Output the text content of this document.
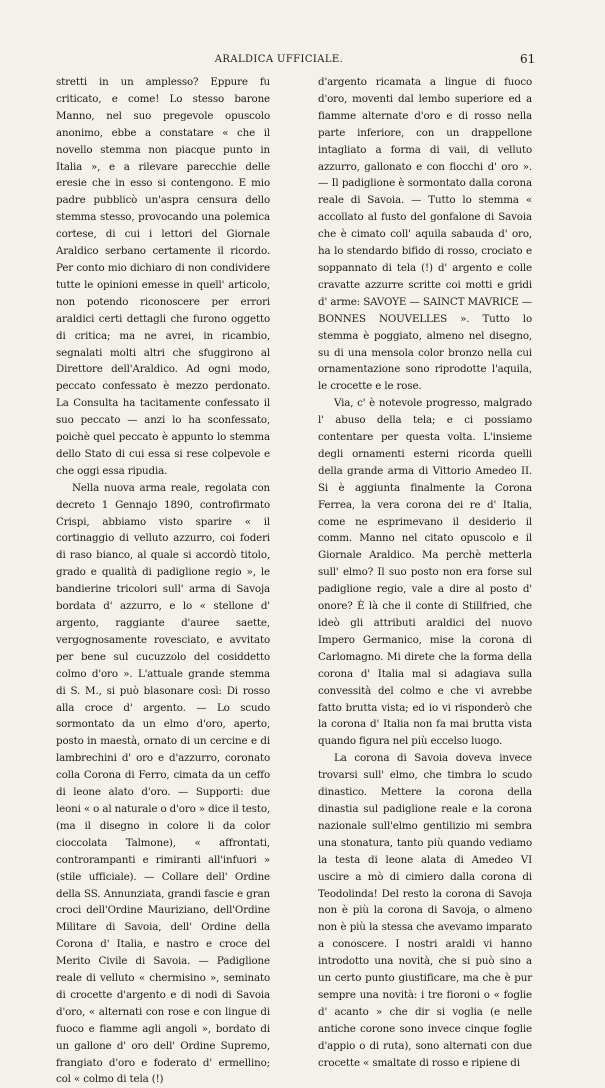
ARALDICA UFFICIALE.	61

stretti in un amplesso? Eppure fu criticato, e come! Lo stesso barone Manno, nel suo pregevole opuscolo anonimo, ebbe a constatare « che il novello stemma non piacque punto in Italia », e a rilevare parecchie delle eresie che in esso si contengono. E mio padre pubblicò un'aspra censura dello stemma stesso, provocando una polemica cortese, di cui i lettori del Giornale Araldico serbano certamente il ricordo. Per conto mio dichiaro di non condividere tutte le opinioni emesse in quell' articolo, non potendo riconoscere per errori araldici certi dettagli che furono oggetto di critica; ma ne avrei, in ricambio, segnalati molti altri che sfuggirono al Direttore dell'Araldico. Ad ogni modo, peccato confessato è mezzo perdonato. La Consulta ha tacitamente confessato il suo peccato — anzi lo ha sconfessato, poichè quel peccato è appunto lo stemma dello Stato di cui essa si rese colpevole e che oggi essa ripudia.

Nella nuova arma reale, regolata con decreto 1 Gennajo 1890, controfirmato Crispi, abbiamo visto sparire « il cortinaggio di velluto azzurro, coi foderi di raso bianco, al quale si accordò titolo, grado e qualità di padiglione regio », le bandierine tricolori sull' arma di Savoja bordata d' azzurro, e lo « stellone d' argento, raggiante d'auree saette, vergognosamente rovesciato, e avvitato per bene sul cucuzzolo del cosiddetto colmo d'oro ». L'attuale grande stemma di S. M., si può blasonare così: Di rosso alla croce d' argento. — Lo scudo sormontato da un elmo d'oro, aperto, posto in maestà, ornato di un cercine e di lambrechini d' oro e d'azzurro, coronato colla Corona di Ferro, cimata da un ceffo di leone alato d'oro. — Supporti: due leoni « o al naturale o d'oro » dice il testo, (ma il disegno in colore li da color cioccolata Talmone), « affrontati, controrampanti e rimiranti all'infuori » (stile ufficiale). — Collare dell' Ordine della SS. Annunziata, grandi fascie e gran croci dell'Ordine Mauriziano, dell'Ordine Militare di Savoia, dell' Ordine della Corona d' Italia, e nastro e croce del Merito Civile di Savoia. — Padiglione reale di velluto « chermisino », seminato di crocette d'argento e di nodi di Savoia d'oro, « alternati con rose e con lingue di fuoco e fiamme agli angoli », bordato di un gallone d' oro dell' Ordine Supremo, frangiato d'oro e foderato d' ermellino; col « colmo di tela (!)

d'argento ricamata a lingue di fuoco d'oro, moventi dal lembo superiore ed a fiamme alternate d'oro e di rosso nella parte inferiore, con un drappellone intagliato a forma di vaii, di velluto azzurro, gallonato e con fiocchi d' oro ». — Il padiglione è sormontato dalla corona reale di Savoia. — Tutto lo stemma « accollato al fusto del gonfalone di Savoia che è cimato coll' aquila sabauda d' oro, ha lo stendardo bifido di rosso, crociato e soppannato di tela (!) d' argento e colle cravatte azzurre scritte coi motti e gridi d' arme: SAVOYE — SAINCT MAVRICE — BONNES NOUVELLES ». Tutto lo stemma è poggiato, almeno nel disegno, su di una mensola color bronzo nella cui ornamentazione sono riprodotte l'aquila, le crocette e le rose.

Via, c' è notevole progresso, malgrado l' abuso della tela; e ci possiamo contentare per questa volta. L'insieme degli ornamenti esterni ricorda quelli della grande arma di Vittorio Amedeo II. Si è aggiunta finalmente la Corona Ferrea, la vera corona dei re d' Italia, come ne esprimevano il desiderio il comm. Manno nel citato opuscolo e il Giornale Araldico. Ma perchè metterla sull' elmo? Il suo posto non era forse sul padiglione regio, vale a dire al posto d' onore? È là che il conte di Stillfried, che ideò gli attributi araldici del nuovo Impero Germanico, mise la corona di Carlomagno. Mi direte che la forma della corona d' Italia mal si adagiava sulla convessità del colmo e che vi avrebbe fatto brutta vista; ed io vi risponderò che la corona d' Italia non fa mai brutta vista quando figura nel più eccelso luogo.

La corona di Savoia doveva invece trovarsi sull' elmo, che timbra lo scudo dinastico. Mettere la corona della dinastia sul padiglione reale e la corona nazionale sull'elmo gentilizio mi sembra una stonatura, tanto più quando vediamo la testa di leone alata di Amedeo VI uscire a mò di cimiero dalla corona di Teodolinda! Del resto la corona di Savoja non è più la corona di Savoja, o almeno non è più la stessa che avevamo imparato a conoscere. I nostri araldi vi hanno introdotto una novità, che si può sino a un certo punto giustificare, ma che è pur sempre una novità: i tre fioroni o « foglie d' acanto » che dir si voglia (e nelle antiche corone sono invece cinque foglie d'appio o di ruta), sono alternati con due crocette « smaltate di rosso e ripiene di
